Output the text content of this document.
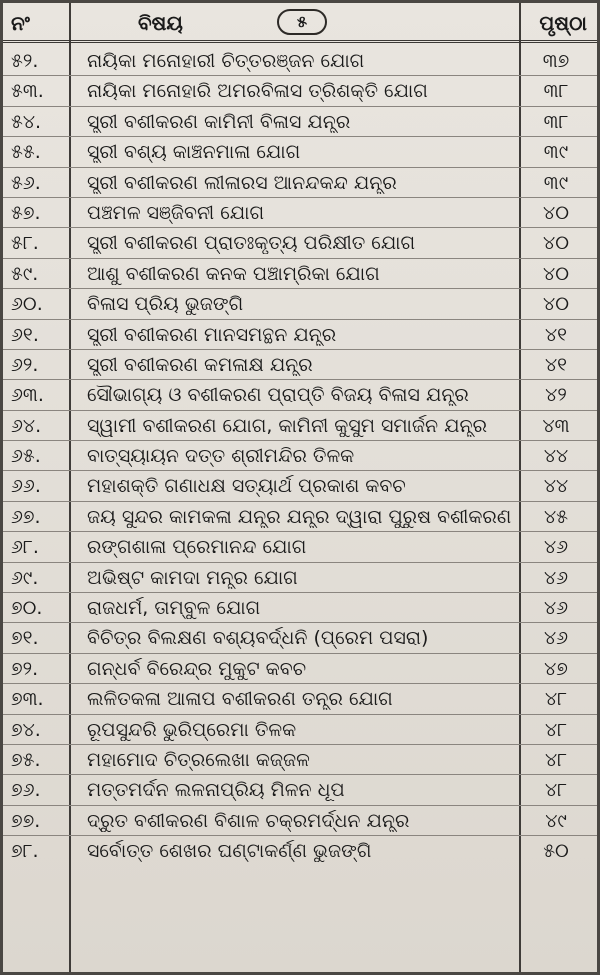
ନଂ	ବିଷୟ	୫	ପୃଷ୍ଠା
୫୨.	ନାୟିକା ମନୋହାରୀ ଚିତ୍ତରଞ୍ଜନ ଯୋଗ	୩୭
୫୩.	ନାୟିକା ମନୋହାରି ଅମରବିଳାସ ତ୍ରିଶକ୍ତି ଯୋଗ	୩୮
୫୪.	ସ୍ତ୍ରୀ ବଶୀକରଣ କାମିନୀ ବିଳାସ ଯନ୍ତ୍ର	୩୮
୫୫.	ସ୍ତ୍ରୀ ବଶ୍ୟ କାଞ୍ଚନମାଳା ଯୋଗ	୩୯
୫୬.	ସ୍ତ୍ରୀ ବଶୀକରଣ ଲୀଳାରସ ଆନନ୍ଦକନ୍ଦ ଯନ୍ତ୍ର	୩୯
୫୭.	ପଞ୍ଚମଳ ସଞ୍ଜିବନୀ ଯୋଗ	୪୦
୫୮.	ସ୍ତ୍ରୀ ବଶୀକରଣ ପ୍ରାତଃକୃତ୍ୟ ପରିକ୍ଷୀତ ଯୋଗ	୪୦
୫୯.	ଆଶୁ ବଶୀକରଣ କନକ ପଞ୍ଚାମ୍ରିକା ଯୋଗ	୪୦
୬୦.	ବିଳାସ ପ୍ରିୟ ଭୁଜଙ୍ଗି	୪୦
୬୧.	ସ୍ତ୍ରୀ ବଶୀକରଣ ମାନସମନ୍ଥନ ଯନ୍ତ୍ର	୪୧
୬୨.	ସ୍ତ୍ରୀ ବଶୀକରଣ କମଳାକ୍ଷ ଯନ୍ତ୍ର	୪୧
୬୩.	ସୌଭାଗ୍ୟ ଓ ବଶୀକରଣ ପ୍ରାପ୍ତି ବିଜୟ ବିଳାସ ଯନ୍ତ୍ର	୪୨
୬୪.	ସ୍ୱାମୀ ବଶୀକରଣ ଯୋଗ, କାମିନୀ କୁସୁମ ସମାର୍ଜନ ଯନ୍ତ୍ର	୪୩
୬୫.	ବାତ୍ସ୍ୟାୟନ ଦତ୍ତ ଶ୍ରୀମନ୍ଦିର ତିଳକ	୪୪
୬୬.	ମହାଶକ୍ତି ଗଣାଧକ୍ଷ ସତ୍ୟାର୍ଥ ପ୍ରକାଶ କବଚ	୪୪
୬୭.	ଜୟ ସୁନ୍ଦର କାମକଳା ଯନ୍ତ୍ର ଯନ୍ତ୍ର ଦ୍ୱାରା ପୁରୁଷ ବଶୀକରଣ	୪୫
୬୮.	ରଙ୍ଗଶାଳା ପ୍ରେମାନନ୍ଦ ଯୋଗ	୪୬
୬୯.	ଅଭିଷ୍ଟ କାମଦା ମନ୍ତ୍ର ଯୋଗ	୪୬
୭୦.	ରାଜଧର୍ମ, ତାମ୍ବୁଳ ଯୋଗ	୪୬
୭୧.	ବିଚିତ୍ର ବିଲକ୍ଷଣ ବଶ୍ୟବର୍ଦ୍ଧନି (ପ୍ରେମ ପସରା)	୪୬
୭୨.	ଗନ୍ଧର୍ବ ବିରେନ୍ଦ୍ର ମୁକୁଟ କବଚ	୪୭
୭୩.	ଲଳିତକଳା ଆଳାପ ବଶୀକରଣ ତନ୍ତ୍ର ଯୋଗ	୪୮
୭୪.	ରୂପସୁନ୍ଦରି ଭୁରିପ୍ରେମା ତିଳକ	୪୮
୭୫.	ମହାମୋଦ ଚିତ୍ରଲେଖା କଜ୍ଜଳ	୪୮
୭୬.	ମତ୍ତମର୍ଦନ ଲଳନାପ୍ରିୟ ମିଳନ ଧୂପ	୪୮
୭୭.	ଦ୍ରୁତ ବଶୀକରଣ ବିଶାଳ ଚକ୍ରମର୍ଦ୍ଧନ ଯନ୍ତ୍ର	୪୯
୭୮.	ସର୍ବୋତ୍ତ ଶେଖର ଘଣ୍ଟାକର୍ଣ୍ଣ ଭୁଜଙ୍ଗି	୫୦
